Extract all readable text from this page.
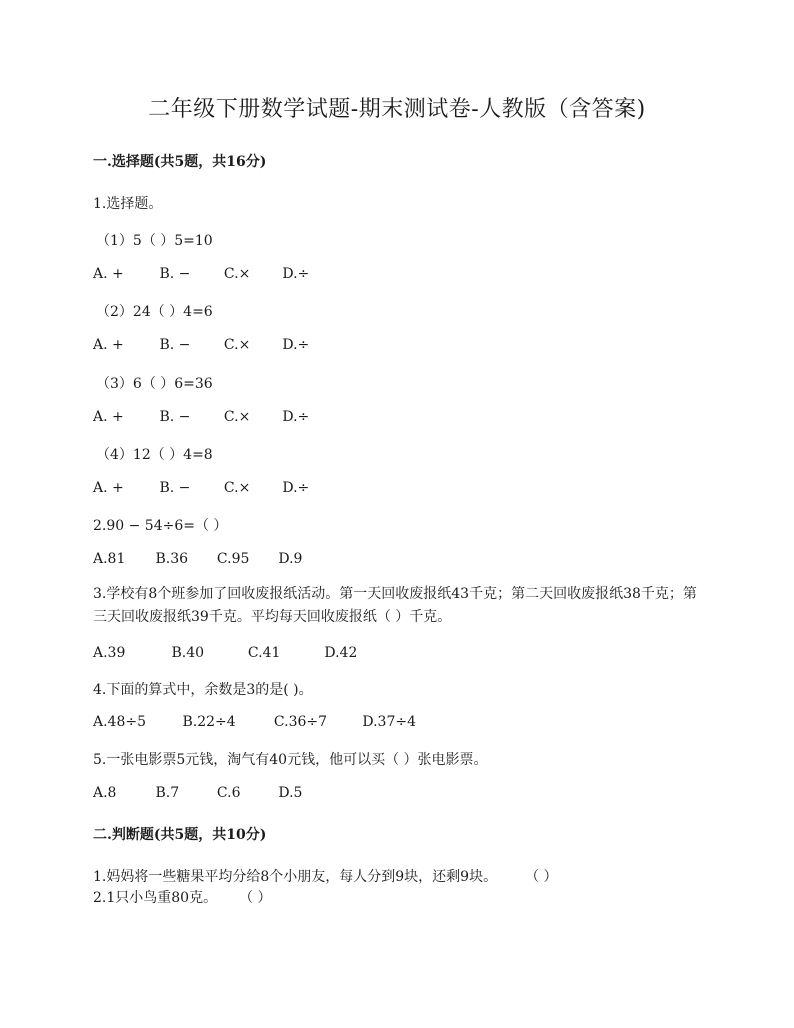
二年级下册数学试题-期末测试卷-人教版（含答案)
一.选择题(共5题，共16分)
1.选择题。
（1）5（ ）5=10
A. +	B. − C.× D.÷
（2）24（ ）4=6
A. +	B. − C.× D.÷
（3）6（ ）6=36
A. +	B. − C.× D.÷
（4）12（ ）4=8
A. +	B. − C.× D.÷
2.90 − 54÷6=（ ）
A.81 B.36 C.95 D.9
3.学校有8个班参加了回收废报纸活动。第一天回收废报纸43千克；第二天回收废报纸38千克；第三天回收废报纸39千克。平均每天回收废报纸（ ）千克。
A.39	B.40	C.41	D.42
4.下面的算式中，余数是3的是( )。
A.48÷5	B.22÷4	C.36÷7	D.37÷4
5.一张电影票5元钱，淘气有40元钱，他可以买（ ）张电影票。
A.8	B.7	C.6	D.5
二.判断题(共5题，共10分)
1.妈妈将一些糖果平均分给8个小朋友，每人分到9块，还剩9块。 （ ）
2.1只小鸟重80克。 （ ）
